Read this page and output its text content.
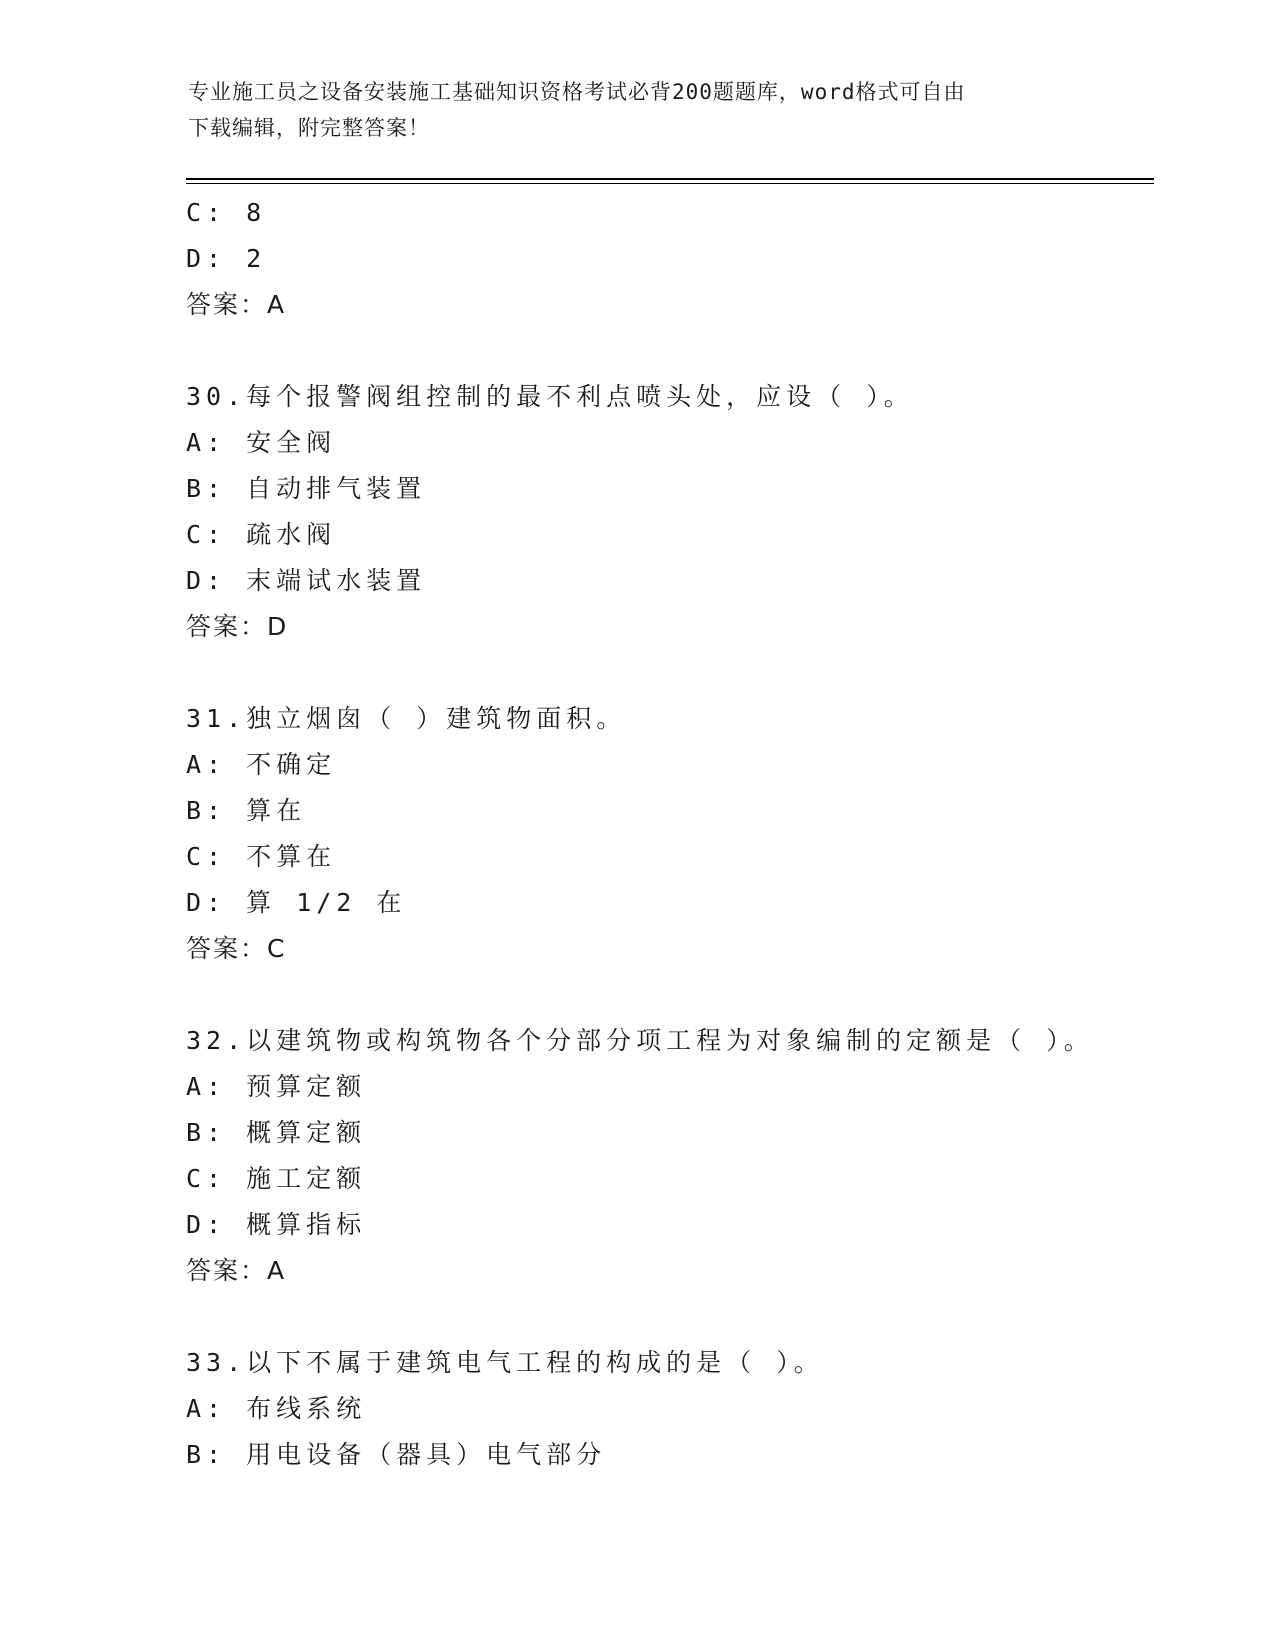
专业施工员之设备安装施工基础知识资格考试必背200题题库，word格式可自由
下载编辑，附完整答案！
C: 8
D: 2
答案：A
30.每个报警阀组控制的最不利点喷头处，应设（ ）。
A: 安全阀
B: 自动排气装置
C: 疏水阀
D: 末端试水装置
答案：D
31.独立烟囱（ ）建筑物面积。
A: 不确定
B: 算在
C: 不算在
D: 算 1/2 在
答案：C
32.以建筑物或构筑物各个分部分项工程为对象编制的定额是（ ）。
A: 预算定额
B: 概算定额
C: 施工定额
D: 概算指标
答案：A
33.以下不属于建筑电气工程的构成的是（ ）。
A: 布线系统
B: 用电设备（器具）电气部分
